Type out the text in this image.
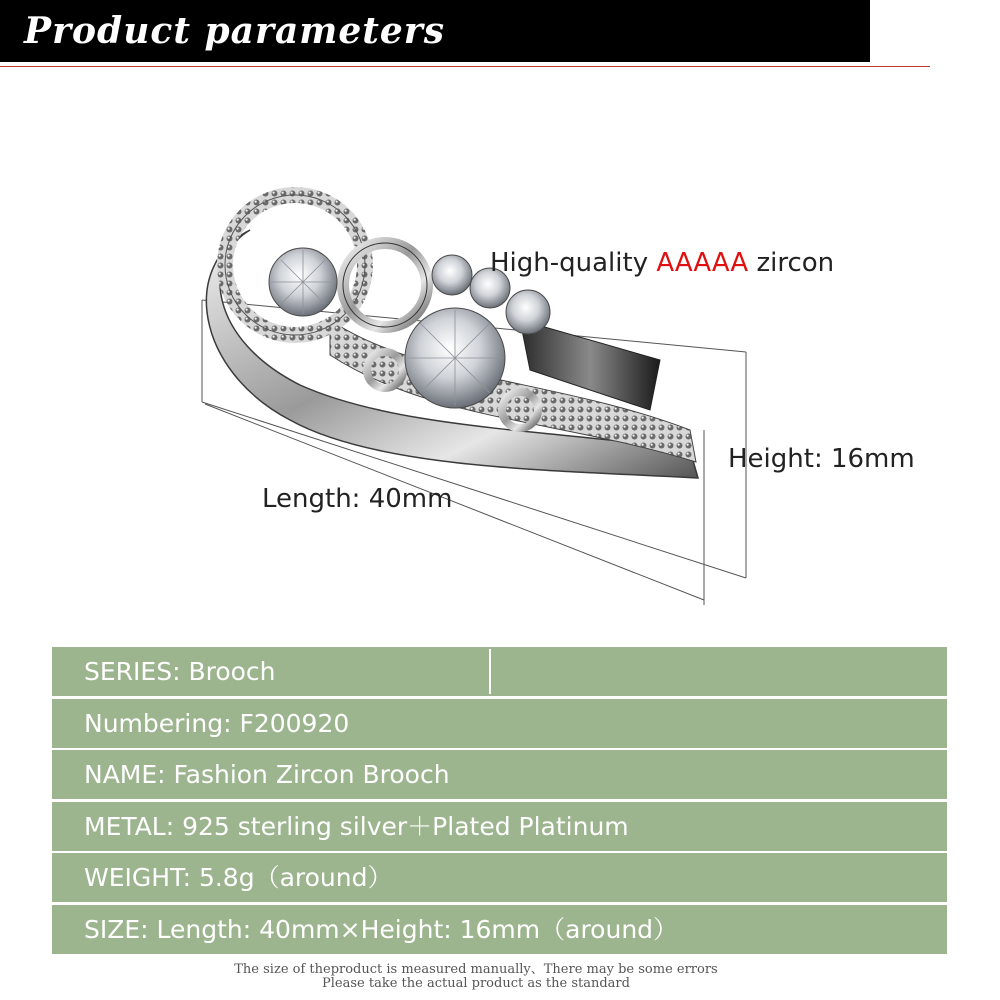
Product parameters
High-quality AAAAA zircon
Height: 16mm
Length: 40mm
SERIES: Brooch
Numbering: F200920
NAME: Fashion Zircon Brooch
METAL: 925 sterling silver＋Plated Platinum
WEIGHT: 5.8g（around）
SIZE: Length: 40mm×Height: 16mm（around）
The size of theproduct is measured manually、There may be some errors
Please take the actual product as the standard
